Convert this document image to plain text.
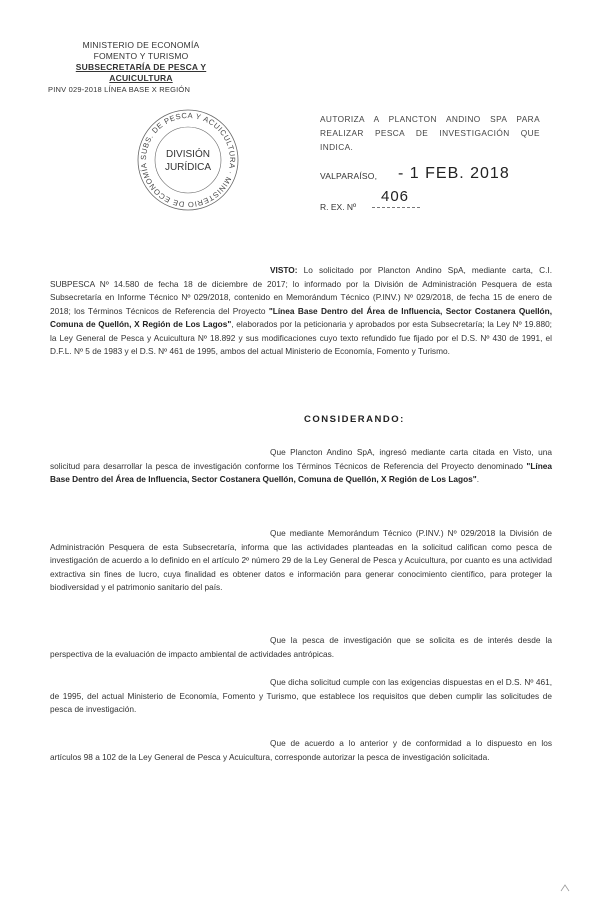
MINISTERIO DE ECONOMÍA
FOMENTO Y TURISMO
SUBSECRETARÍA DE PESCA Y ACUICULTURA
PINV 029-2018 LÍNEA BASE X REGIÓN
SUBS. DE PESCA Y ACUICULTURA · MINISTERIO DE ECONOMÍA
DIVISIÓN
JURÍDICA
AUTORIZA A PLANCTON ANDINO SPA PARA REALIZAR PESCA DE INVESTIGACIÓN QUE INDICA.
VALPARAÍSO, - 1 FEB. 2018
R. EX. Nº
406

VISTO: Lo solicitado por Plancton Andino SpA, mediante carta, C.I. SUBPESCA Nº 14.580 de fecha 18 de diciembre de 2017; lo informado por la División de Administración Pesquera de esta Subsecretaría en Informe Técnico Nº 029/2018, contenido en Memorándum Técnico (P.INV.) Nº 029/2018, de fecha 15 de enero de 2018; los Términos Técnicos de Referencia del Proyecto "Línea Base Dentro del Área de Influencia, Sector Costanera Quellón, Comuna de Quellón, X Región de Los Lagos", elaborados por la peticionaria y aprobados por esta Subsecretaría; la Ley Nº 19.880; la Ley General de Pesca y Acuicultura Nº 18.892 y sus modificaciones cuyo texto refundido fue fijado por el D.S. Nº 430 de 1991, el D.F.L. Nº 5 de 1983 y el D.S. Nº 461 de 1995, ambos del actual Ministerio de Economía, Fomento y Turismo.

CONSIDERANDO:

Que Plancton Andino SpA, ingresó mediante carta citada en Visto, una solicitud para desarrollar la pesca de investigación conforme los Términos Técnicos de Referencia del Proyecto denominado "Línea Base Dentro del Área de Influencia, Sector Costanera Quellón, Comuna de Quellón, X Región de Los Lagos".

Que mediante Memorándum Técnico (P.INV.) Nº 029/2018 la División de Administración Pesquera de esta Subsecretaría, informa que las actividades planteadas en la solicitud califican como pesca de investigación de acuerdo a lo definido en el artículo 2º número 29 de la Ley General de Pesca y Acuicultura, por cuanto es una actividad extractiva sin fines de lucro, cuya finalidad es obtener datos e información para generar conocimiento científico, para proteger la biodiversidad y el patrimonio sanitario del país.

Que la pesca de investigación que se solicita es de interés desde la perspectiva de la evaluación de impacto ambiental de actividades antrópicas.

Que dicha solicitud cumple con las exigencias dispuestas en el D.S. Nº 461, de 1995, del actual Ministerio de Economía, Fomento y Turismo, que establece los requisitos que deben cumplir las solicitudes de pesca de investigación.

Que de acuerdo a lo anterior y de conformidad a lo dispuesto en los artículos 98 a 102 de la Ley General de Pesca y Acuicultura, corresponde autorizar la pesca de investigación solicitada.
